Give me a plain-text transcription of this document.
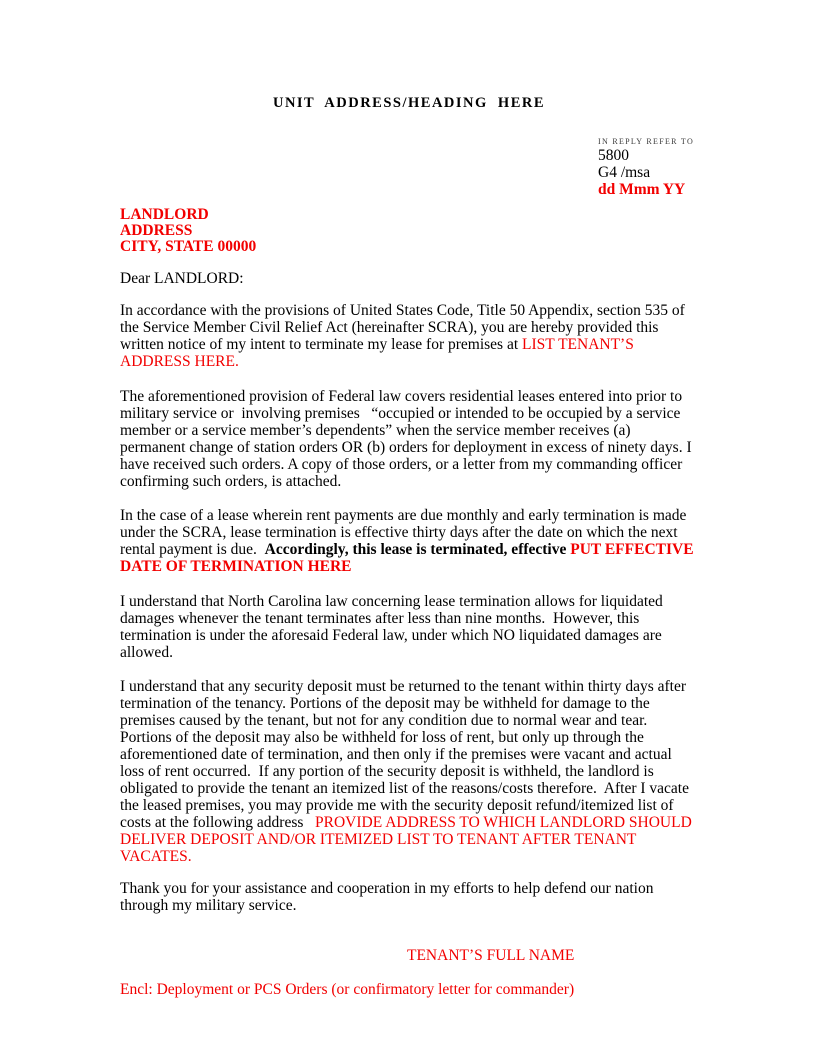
UNIT ADDRESS/HEADING HERE
IN REPLY REFER TO
5800
G4 /msa
dd Mmm YY
LANDLORD
ADDRESS
CITY, STATE 00000

Dear LANDLORD:

In accordance with the provisions of United States Code, Title 50 Appendix, section 535 of the Service Member Civil Relief Act (hereinafter SCRA), you are hereby provided this written notice of my intent to terminate my lease for premises at LIST TENANT’S ADDRESS HERE.

The aforementioned provision of Federal law covers residential leases entered into prior to military service or  involving premises   “occupied or intended to be occupied by a service member or a service member’s dependents” when the service member receives (a) permanent change of station orders OR (b) orders for deployment in excess of ninety days. I have received such orders. A copy of those orders, or a letter from my commanding officer confirming such orders, is attached.

In the case of a lease wherein rent payments are due monthly and early termination is made under the SCRA, lease termination is effective thirty days after the date on which the next rental payment is due.  Accordingly, this lease is terminated, effective PUT EFFECTIVE DATE OF TERMINATION HERE

I understand that North Carolina law concerning lease termination allows for liquidated damages whenever the tenant terminates after less than nine months.  However, this termination is under the aforesaid Federal law, under which NO liquidated damages are allowed.

I understand that any security deposit must be returned to the tenant within thirty days after termination of the tenancy. Portions of the deposit may be withheld for damage to the premises caused by the tenant, but not for any condition due to normal wear and tear. Portions of the deposit may also be withheld for loss of rent, but only up through the aforementioned date of termination, and then only if the premises were vacant and actual loss of rent occurred.  If any portion of the security deposit is withheld, the landlord is obligated to provide the tenant an itemized list of the reasons/costs therefore.  After I vacate the leased premises, you may provide me with the security deposit refund/itemized list of costs at the following address   PROVIDE ADDRESS TO WHICH LANDLORD SHOULD DELIVER DEPOSIT AND/OR ITEMIZED LIST TO TENANT AFTER TENANT VACATES.

Thank you for your assistance and cooperation in my efforts to help defend our nation through my military service.

TENANT’S FULL NAME

Encl: Deployment or PCS Orders (or confirmatory letter for commander)
